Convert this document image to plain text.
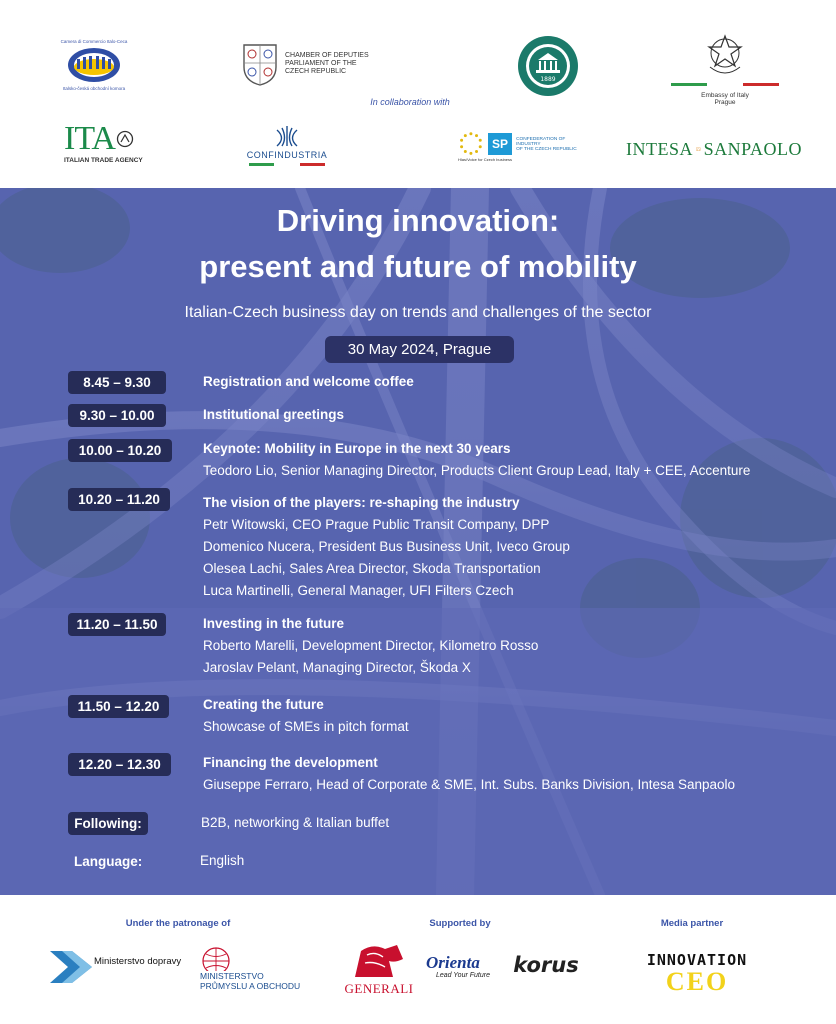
Camera di Commercio Italo-Ceca
Italsko-česká obchodní komora
CHAMBER OF DEPUTIES
PARLIAMENT OF THE
CZECH REPUBLIC
1889
Embassy of Italy
Prague
In collaboration with
ITA
ITALIAN TRADE AGENCY
CONFINDUSTRIA
SP	CONFEDERATION OF INDUSTRY
OF THE CZECH REPUBLIC
Hlas/Voice for Czech business
INTESA SANPAOLO
Driving innovation:
present and future of mobility
Italian-Czech business day on trends and challenges of the sector
30 May 2024, Prague
8.45 – 9.30	Registration and welcome coffee
9.30 – 10.00	Institutional greetings
10.00 – 10.20	Keynote: Mobility in Europe in the next 30 years
Teodoro Lio, Senior Managing Director, Products Client Group Lead, Italy + CEE, Accenture
10.20 – 11.20	The vision of the players: re-shaping the industry
Petr Witowski, CEO Prague Public Transit Company, DPP
Domenico Nucera, President Bus Business Unit, Iveco Group
Olesea Lachi, Sales Area Director, Skoda Transportation
Luca Martinelli, General Manager, UFI Filters Czech
11.20 – 11.50	Investing in the future
Roberto Marelli, Development Director, Kilometro Rosso
Jaroslav Pelant, Managing Director, Škoda X
11.50 – 12.20	Creating the future
Showcase of SMEs in pitch format
12.20 – 12.30	Financing the development
Giuseppe Ferraro, Head of Corporate & SME, Int. Subs. Banks Division, Intesa Sanpaolo
Following:	B2B, networking & Italian buffet
Language:	English
Under the patronage of	Supported by	Media partner
Ministerstvo dopravy
MINISTERSTVO
PRŮMYSLU A OBCHODU	GENERALI
Orienta
Lead Your Future korus	INNOVATION
CEO
